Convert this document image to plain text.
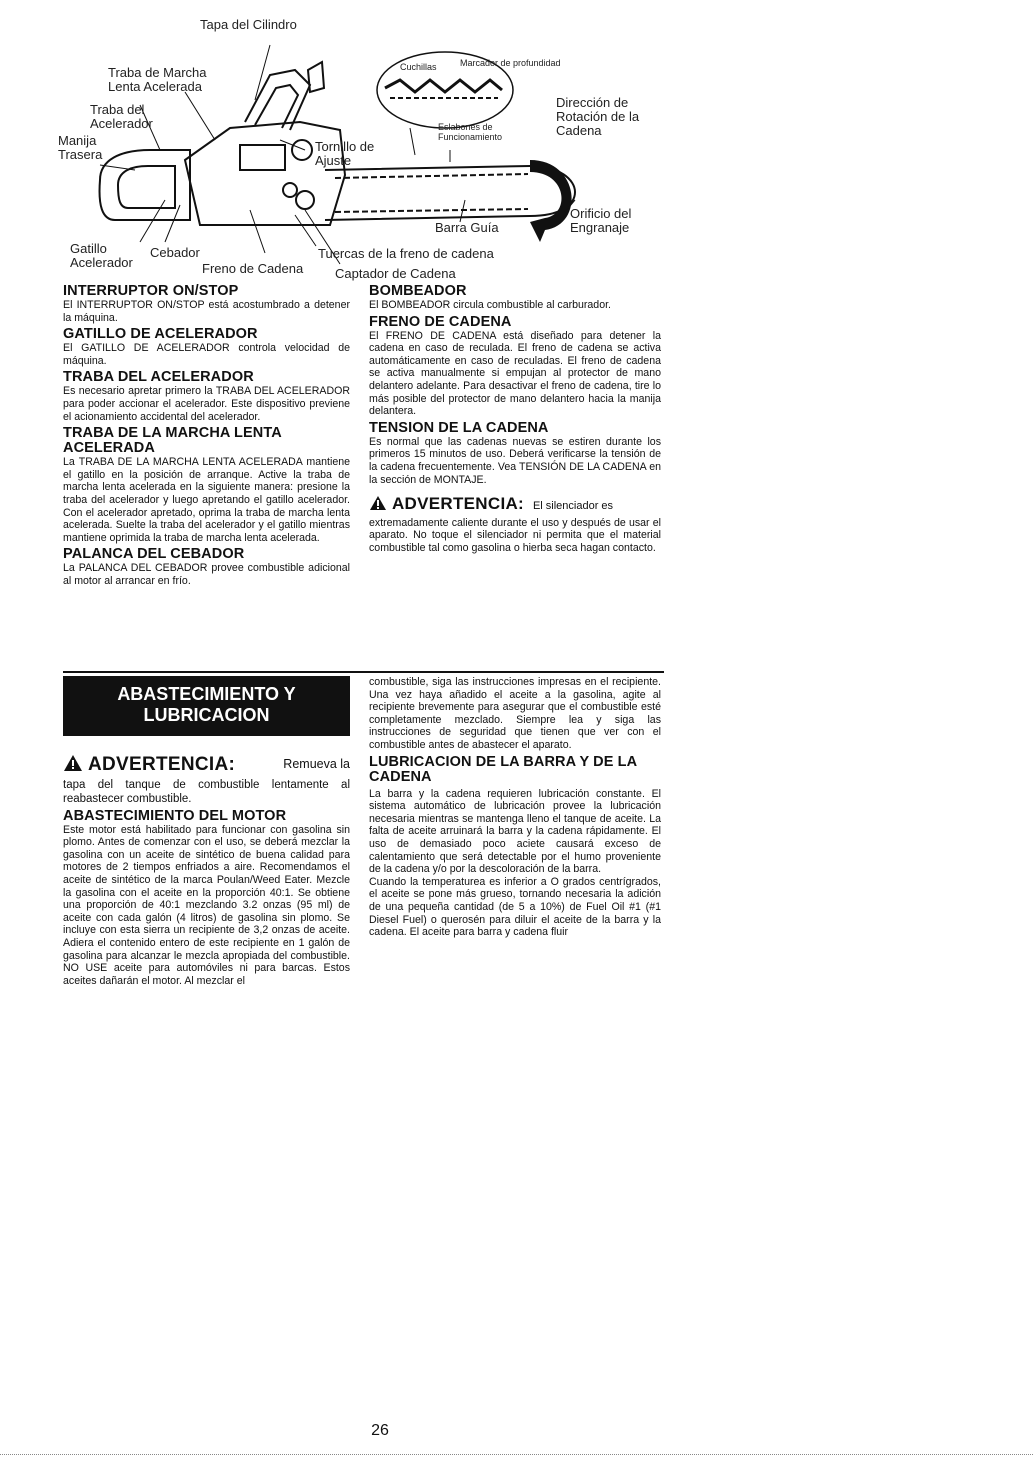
Tapa del Cilindro
Traba de Marcha
Lenta Acelerada
Traba del
Acelerador
Manija
Trasera
Tornillo de
Ajuste
Gatillo
Acelerador
Cebador
Freno de Cadena
Tuercas de la freno de cadena
Captador de Cadena
Barra Guía
Orificio del
Engranaje
Dirección de
Rotación de la
Cadena
Cuchillas	Marcador de profundidad
Eslabones de
Funcionamiento
INTERRUPTOR ON/STOP

El INTERRUPTOR ON/STOP está acostumbrado a detener la máquina.

GATILLO DE ACELERADOR

El GATILLO DE ACELERADOR controla velocidad de máquina.

TRABA DEL ACELERADOR

Es necesario apretar primero la TRABA DEL ACELERADOR para poder accionar el acelerador. Este dispositivo previene el acionamiento accidental del acelerador.

TRABA DE LA MARCHA LENTA ACELERADA

La TRABA DE LA MARCHA LENTA ACELERADA mantiene el gatillo en la posición de arranque. Active la traba de marcha lenta acelerada en la siguiente manera: presione la traba del acelerador y luego apretando el gatillo acelerador. Con el acelerador apretado, oprima la traba de marcha lenta acelerada. Suelte la traba del acelerador y el gatillo mientras mantiene oprimida la traba de marcha lenta acelerada.

PALANCA DEL CEBADOR

La PALANCA DEL CEBADOR provee combustible adicional al motor al arrancar en frío.

BOMBEADOR

El BOMBEADOR circula combustible al carburador.

FRENO DE CADENA

El FRENO DE CADENA está diseñado para detener la cadena en caso de reculada. El freno de cadena se activa automáticamente en caso de reculadas. El freno de cadena se activa manualmente si empujan al protector de mano delantero adelante. Para desactivar el freno de cadena, tire lo más posible del protector de mano delantero hacia la manija delantera.

TENSION DE LA CADENA

Es normal que las cadenas nuevas se estiren durante los primeros 15 minutos de uso. Deberá verificarse la tensión de la cadena frecuentemente. Vea TENSIÓN DE LA CADENA en la sección de MONTAJE.

ADVERTENCIA: El silenciador es

extremadamente caliente durante el uso y después de usar el aparato. No toque el silenciador ni permita que el material combustible tal como gasolina o hierba seca hagan contacto.

ABASTECIMIENTO Y
LUBRICACION
ADVERTENCIA:	Remueva la

tapa del tanque de combustible lentamente al reabastecer combustible.

ABASTECIMIENTO DEL MOTOR

Este motor está habilitado para funcionar con gasolina sin plomo. Antes de comenzar con el uso, se deberá mezclar la gasolina con un aceite de sintético de buena calidad para motores de 2 tiempos enfriados a aire. Recomendamos el aceite de sintético de la marca Poulan/Weed Eater. Mezcle la gasolina con el aceite en la proporción 40:1. Se obtiene una proporción de 40:1 mezclando 3.2 onzas (95 ml) de aceite con cada galón (4 litros) de gasolina sin plomo. Se incluye con esta sierra un recipiente de 3,2 onzas de aceite. Adiera el contenido entero de este recipiente en 1 galón de gasolina para alcanzar le mezcla apropiada del combustible. NO USE aceite para automóviles ni para barcas. Estos aceites dañarán el motor. Al mezclar el

combustible, siga las instrucciones impresas en el recipiente. Una vez haya añadido el aceite a la gasolina, agite al recipiente brevemente para asegurar que el combustible esté completamente mezclado. Siempre lea y siga las instrucciones de seguridad que tienen que ver con el combustible antes de abastecer el aparato.

LUBRICACION DE LA BARRA Y DE LA CADENA

La barra y la cadena requieren lubricación constante. El sistema automático de lubricación provee la lubricación necesaria mientras se mantenga lleno el tanque de aceite. La falta de aceite arruinará la barra y la cadena rápidamente. El uso de demasiado poco aciete causará exceso de calentamiento que será detectable por el humo proveniente de la cadena y/o por la descoloración de la barra.

Cuando la temperaturea es inferior a O grados centrígrados, el aceite se pone más grueso, tornando necesaria la adición de una pequeña cantidad (de 5 a 10%) de Fuel Oil #1 (#1 Diesel Fuel) o querosén para diluir el aceite de la barra y la cadena. El aceite para barra y cadena fluir

26
